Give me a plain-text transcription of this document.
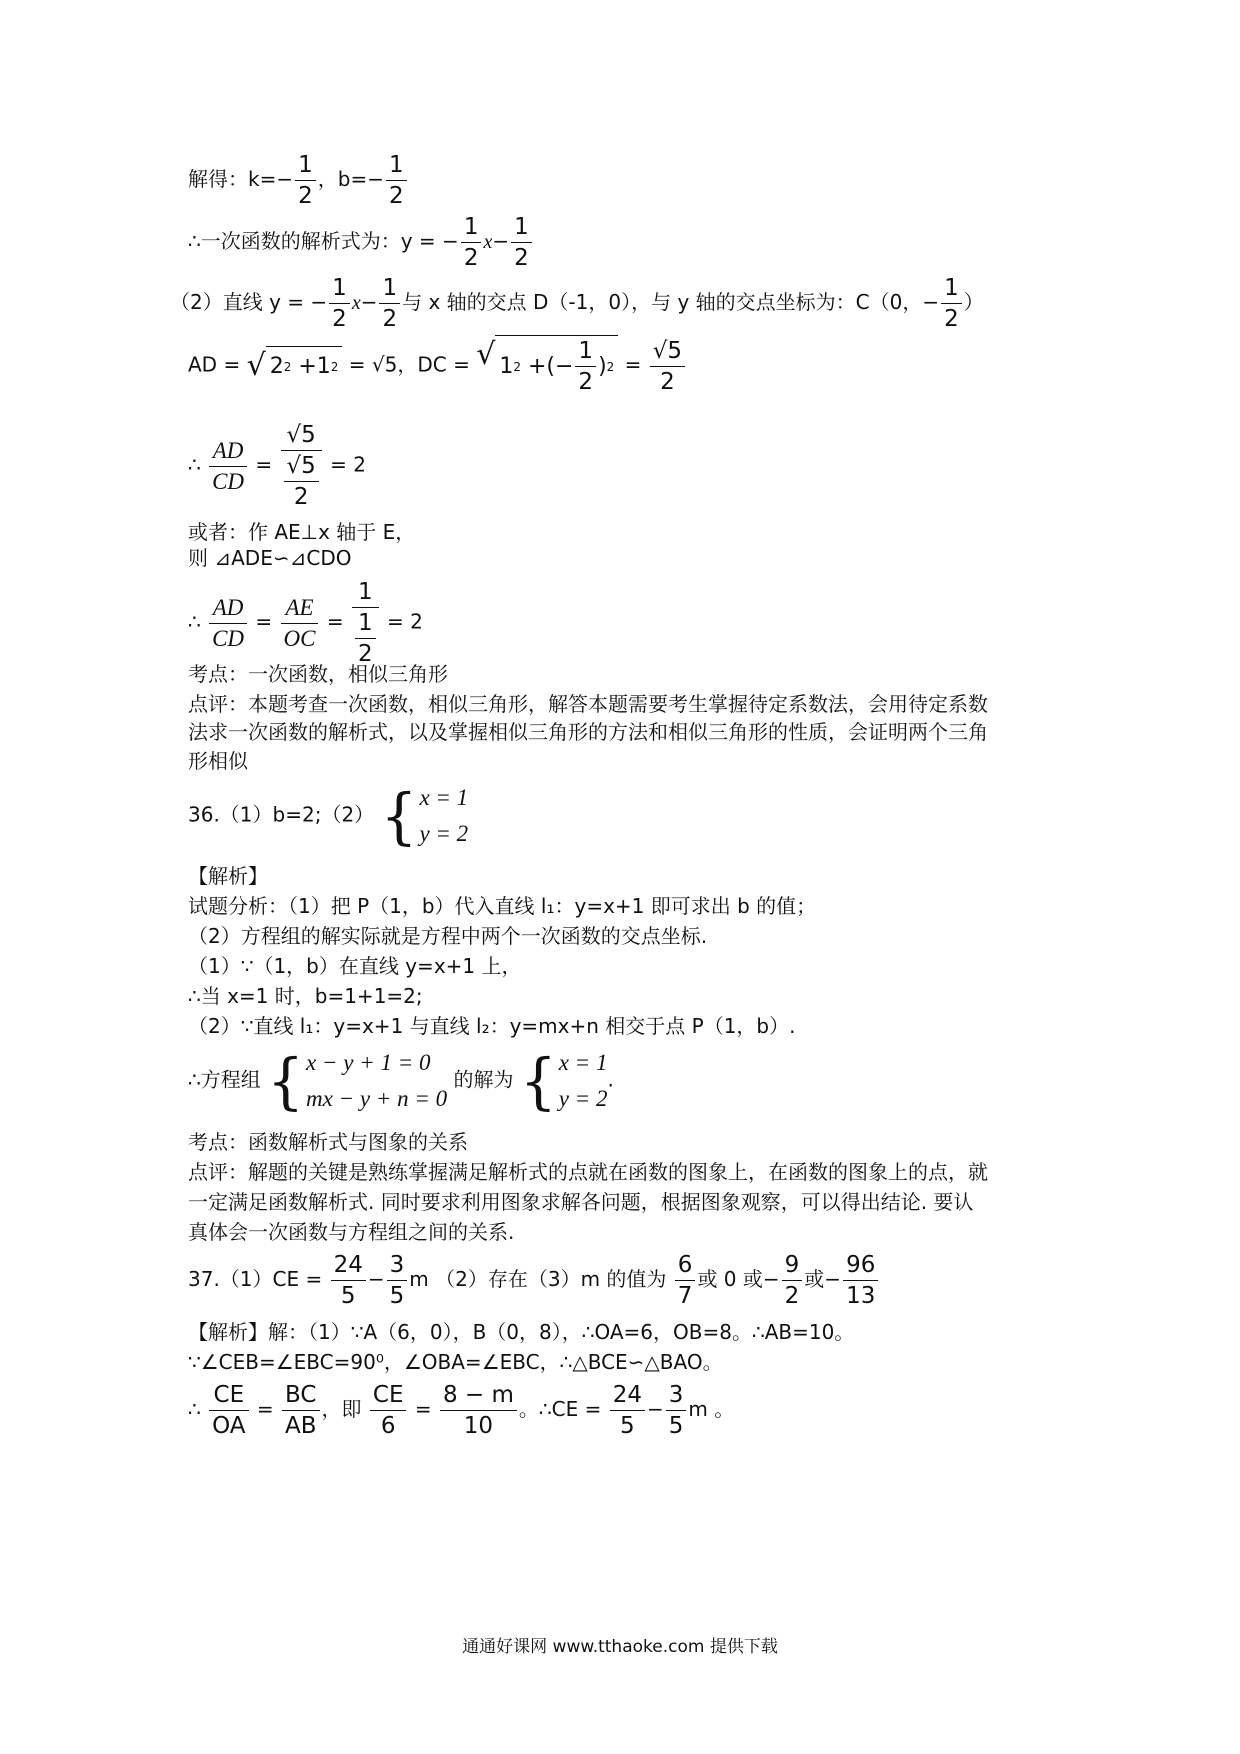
解得：$k=- \frac{1}{2}$ ，$b=- \frac{1}{2}$
∴一次函数的解析式为：y = − $\frac{1}{2} x- \frac{1}{2}$
（2）直线 y = − $\frac{1}{2} x- \frac{1}{2}$ 与 x 轴的交点 D（-1，0），与 y 轴的交点坐标为：C（0，− $\frac{1}{2}$ ）
AD = √ 2 2 +1 2 = √5，DC = √ 1 2 +(− $\frac{1}{2}$ ) $2 = \frac{√5}{2}$
∴ $\frac{AD}{CD} = \frac{√5}{\frac{√5}{2}} = 2$
或者：作 AE⊥x 轴于 E，
则 ⊿ADE∽⊿CDO
∴ $\frac{AD}{CD} = \frac{AE}{OC} = \frac{1}{\frac{1}{2}} = 2$
考点：一次函数，相似三角形
点评：本题考查一次函数，相似三角形，解答本题需要考生掌握待定系数法，会用待定系数
法求一次函数的解析式，以及掌握相似三角形的方法和相似三角形的性质，会证明两个三角
形相似
36.（1）b=2;（2） { x = 1
y = 2
【解析】
试题分析：（1）把 P（1，b）代入直线 l₁：y=x+1 即可求出 b 的值；
（2）方程组的解实际就是方程中两个一次函数的交点坐标.
（1）∵（1，b）在直线 y=x+1 上，
∴当 x=1 时，b=1+1=2;
（2）∵直线 l₁：y=x+1 与直线 l₂：y=mx+n 相交于点 P（1，b）.
∴方程组 { x − y + 1 = 0
mx − y + n = 0
的解为 { x = 1
y = 2
.
考点：函数解析式与图象的关系
点评：解题的关键是熟练掌握满足解析式的点就在函数的图象上，在函数的图象上的点，就
一定满足函数解析式. 同时要求利用图象求解各问题，根据图象观察，可以得出结论. 要认
真体会一次函数与方程组之间的关系.
$37.(1)CE = \frac{24}{5} - \frac{3}{5}$ m （2）存在（3）m 的值为 $\frac{6}{7}$ 或 0 或− $\frac{9}{2}$ 或− $\frac{96}{13}$
【解析】解：（1）∵A（6，0），B（0，8），∴OA=6，OB=8。∴AB=10。
∵∠CEB=∠EBC=90⁰，∠OBA=∠EBC，∴△BCE∽△BAO。
∴ $\frac{CE}{OA} = \frac{BC}{AB}$ ，即 $\frac{CE}{6} = \frac{8 - m}{10}$ 。∴CE = $\frac{24}{5} - \frac{3}{5}$ m 。
通通好课网 www.tthaoke.com 提供下载
